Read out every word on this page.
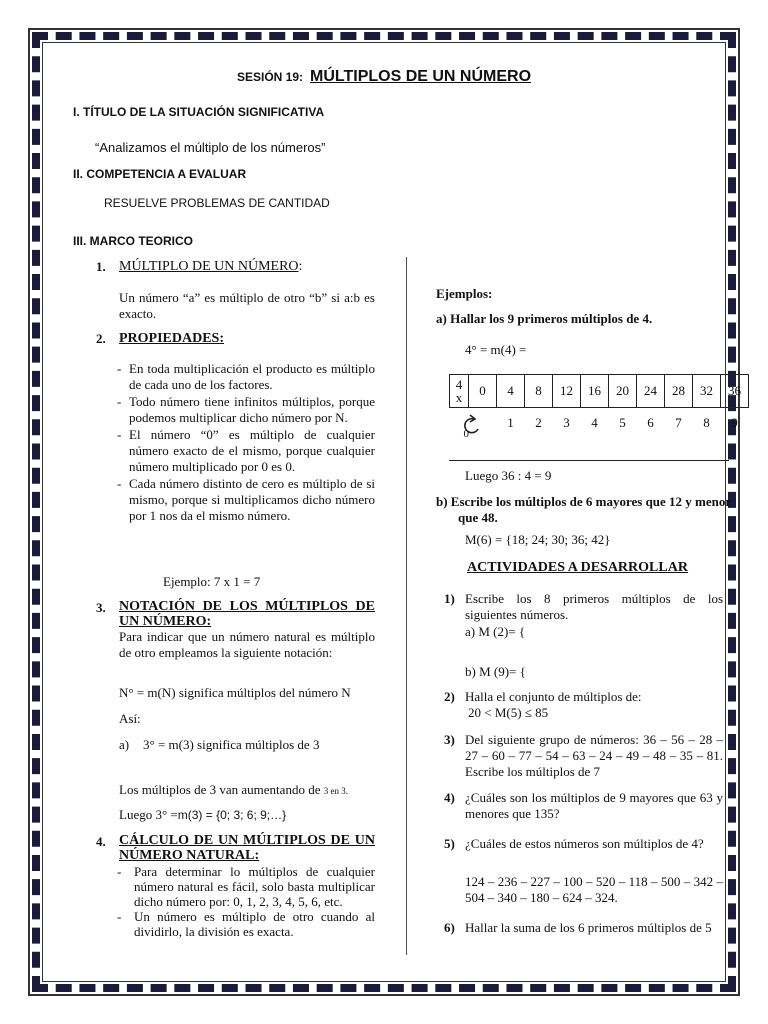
SESIÓN 19: MÚLTIPLOS DE UN NÚMERO
I. TÍTULO DE LA SITUACIÓN SIGNIFICATIVA
“Analizamos el múltiplo de los números”
II. COMPETENCIA A EVALUAR
RESUELVE PROBLEMAS DE CANTIDAD
III. MARCO TEORICO
1. MÚLTIPLO DE UN NÚMERO:
Un número “a” es múltiplo de otro “b” si a:b es exacto.
2. PROPIEDADES:
- En toda multiplicación el producto es múltiplo de cada uno de los factores.
- Todo número tiene infinitos múltiplos, porque podemos multiplicar dicho número por N.
- El número “0” es múltiplo de cualquier número exacto de el mismo, porque cualquier número multiplicado por 0 es 0.
- Cada número distinto de cero es múltiplo de si mismo, porque si multiplicamos dicho número por 1 nos da el mismo número.
Ejemplo: 7 x 1 = 7
3. NOTACIÓN DE LOS MÚLTIPLOS DE UN NÚMERO:
Para indicar que un número natural es múltiplo de otro empleamos la siguiente notación:
N° = m(N) significa múltiplos del número N
Así:
a) 3° = m(3) significa múltiplos de 3
Los múltiplos de 3 van aumentando de 3 en 3.
Luego 3° =m(3) = {0; 3; 6; 9;…}
4. CÁLCULO DE UN MÚLTIPLOS DE UN NÚMERO NATURAL:
- Para determinar lo múltiplos de cualquier número natural es fácil, solo basta multiplicar dicho número por: 0, 1, 2, 3, 4, 5, 6, etc.
- Un número es múltiplo de otro cuando al dividirlo, la división es exacta.
Ejemplos:
a) Hallar los 9 primeros múltiplos de 4.
4° = m(4) =
4
x	0	4	8	12	16	20	24	28	32	36

0		1	2	3	4	5	6	7	8	9
Luego 36 : 4 = 9
b) Escribe los múltiplos de 6 mayores que 12 y menor que 48.
M(6) = {18; 24; 30; 36; 42}
ACTIVIDADES A DESARROLLAR
1) Escribe los 8 primeros múltiplos de los siguientes números.
a) M (2)= {
b) M (9)= {
2) Halla el conjunto de múltiplos de:
20 < M(5) ≤ 85
3) Del siguiente grupo de números: 36 – 56 – 28 – 27 – 60 – 77 – 54 – 63 – 24 – 49 – 48 – 35 – 81. Escribe los múltiplos de 7
4) ¿Cuáles son los múltiplos de 9 mayores que 63 y menores que 135?
5) ¿Cuáles de estos números son múltiplos de 4?
124 – 236 – 227 – 100 – 520 – 118 – 500 – 342 – 504 – 340 – 180 – 624 – 324.
6) Hallar la suma de los 6 primeros múltiplos de 5
